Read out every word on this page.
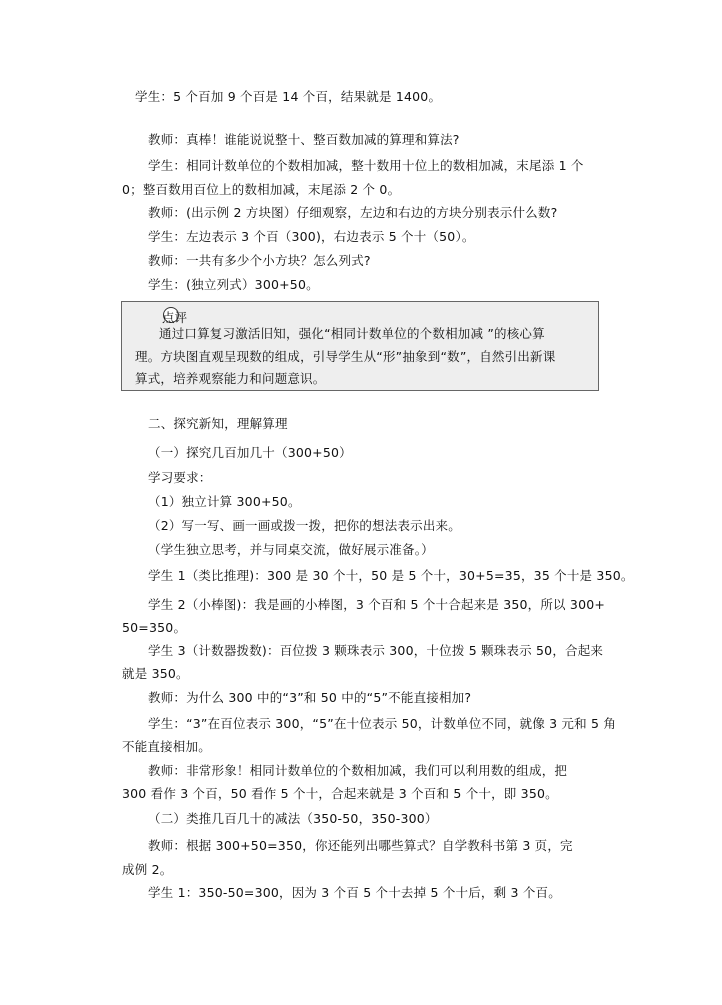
学生：5 个百加 9 个百是 14 个百，结果就是 1400。
教师：真棒！谁能说说整十、整百数加减的算理和算法?
学生：相同计数单位的个数相加减，整十数用十位上的数相加减，末尾添 1 个
0；整百数用百位上的数相加减，末尾添 2 个 0。
教师：(出示例 2 方块图）仔细观察，左边和右边的方块分别表示什么数?
学生：左边表示 3 个百（300)，右边表示 5 个十（50）。
教师：一共有多少个小方块？怎么列式?
学生：(独立列式）300+50。
点评
通过口算复习激活旧知，强化“相同计数单位的个数相加减 ”的核心算
理。方块图直观呈现数的组成，引导学生从“形”抽象到“数”，自然引出新课
算式，培养观察能力和问题意识。
二、探究新知，理解算理
（一）探究几百加几十（300+50）
学习要求：
（1）独立计算 300+50。
（2）写一写、画一画或拨一拨，把你的想法表示出来。
（学生独立思考，并与同桌交流，做好展示准备。）
学生 1（类比推理)：300 是 30 个十，50 是 5 个十，30+5=35，35 个十是 350。
学生 2（小棒图)：我是画的小棒图，3 个百和 5 个十合起来是 350，所以 300+
50=350。
学生 3（计数器拨数)：百位拨 3 颗珠表示 300，十位拨 5 颗珠表示 50，合起来
就是 350。
教师：为什么 300 中的“3”和 50 中的“5”不能直接相加?
学生：“3”在百位表示 300，“5”在十位表示 50，计数单位不同，就像 3 元和 5 角
不能直接相加。
教师：非常形象！相同计数单位的个数相加减，我们可以利用数的组成，把
300 看作 3 个百，50 看作 5 个十，合起来就是 3 个百和 5 个十，即 350。
（二）类推几百几十的减法（350-50，350-300）
教师：根据 300+50=350，你还能列出哪些算式？自学教科书第 3 页，完
成例 2。
学生 1：350-50=300，因为 3 个百 5 个十去掉 5 个十后，剩 3 个百。
